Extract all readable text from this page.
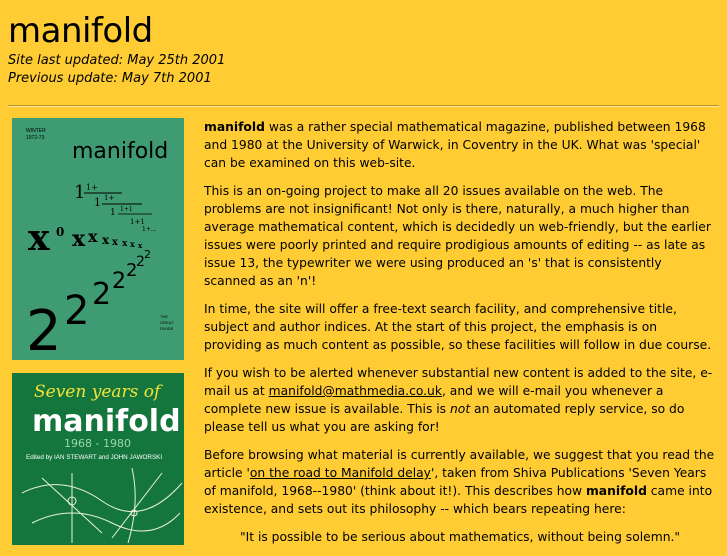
manifold
Site last updated: May 25th 2001
Previous update: May 7th 2001
WINTER 1972-73
manifold
1 1+
1 1+
1 1+1
1+1
1+...
x 0 x x x x x x x
2 2 2 2 2
2 2
THE GREAT DIVIDE
Seven years of
manifold
1968 - 1980
Edited by IAN STEWART and JOHN JAWORSKI

manifold was a rather special mathematical magazine, published between 1968 and 1980 at the University of Warwick, in Coventry in the UK. What was 'special' can be examined on this web-site.

This is an on-going project to make all 20 issues available on the web. The problems are not insignificant! Not only is there, naturally, a much higher than average mathematical content, which is decidedly un web-friendly, but the earlier issues were poorly printed and require prodigious amounts of editing -- as late as issue 13, the typewriter we were using produced an 's' that is consistently scanned as an 'n'!

In time, the site will offer a free-text search facility, and comprehensive title, subject and author indices. At the start of this project, the emphasis is on providing as much content as possible, so these facilities will follow in due course.

If you wish to be alerted whenever substantial new content is added to the site, e-mail us at manifold@mathmedia.co.uk, and we will e-mail you whenever a complete new issue is available. This is not an automated reply service, so do please tell us what you are asking for!

Before browsing what material is currently available, we suggest that you read the article 'on the road to Manifold delay', taken from Shiva Publications 'Seven Years of manifold, 1968--1980' (think about it!). This describes how manifold came into existence, and sets out its philosophy -- which bears repeating here:

"It is possible to be serious about mathematics, without being solemn."
